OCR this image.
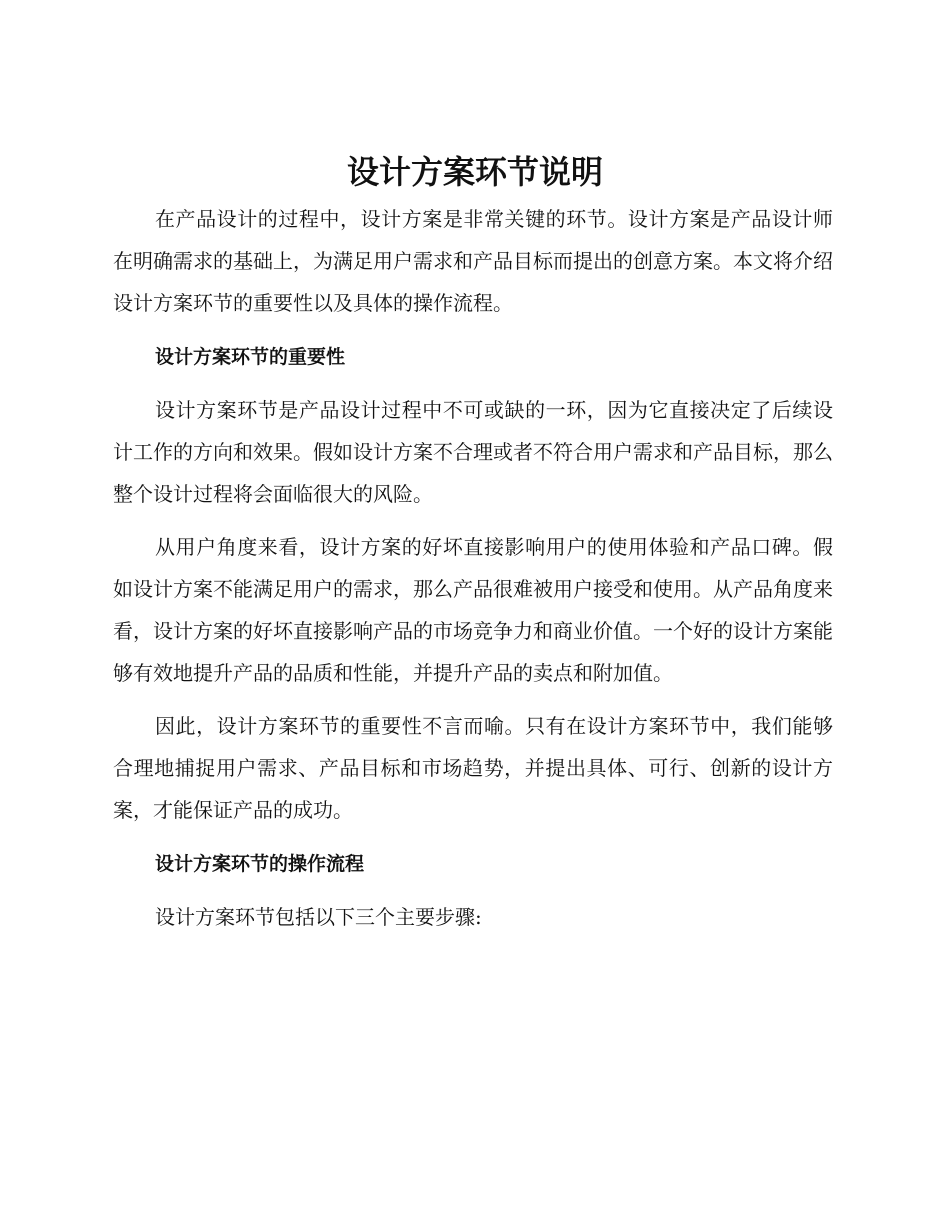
设计方案环节说明

在产品设计的过程中，设计方案是非常关键的环节。设计方案是产品设计师在明确需求的基础上，为满足用户需求和产品目标而提出的创意方案。本文将介绍设计方案环节的重要性以及具体的操作流程。

设计方案环节的重要性

设计方案环节是产品设计过程中不可或缺的一环，因为它直接决定了后续设计工作的方向和效果。假如设计方案不合理或者不符合用户需求和产品目标，那么整个设计过程将会面临很大的风险。

从用户角度来看，设计方案的好坏直接影响用户的使用体验和产品口碑。假如设计方案不能满足用户的需求，那么产品很难被用户接受和使用。从产品角度来看，设计方案的好坏直接影响产品的市场竞争力和商业价值。一个好的设计方案能够有效地提升产品的品质和性能，并提升产品的卖点和附加值。

因此，设计方案环节的重要性不言而喻。只有在设计方案环节中，我们能够合理地捕捉用户需求、产品目标和市场趋势，并提出具体、可行、创新的设计方案，才能保证产品的成功。

设计方案环节的操作流程

设计方案环节包括以下三个主要步骤:
